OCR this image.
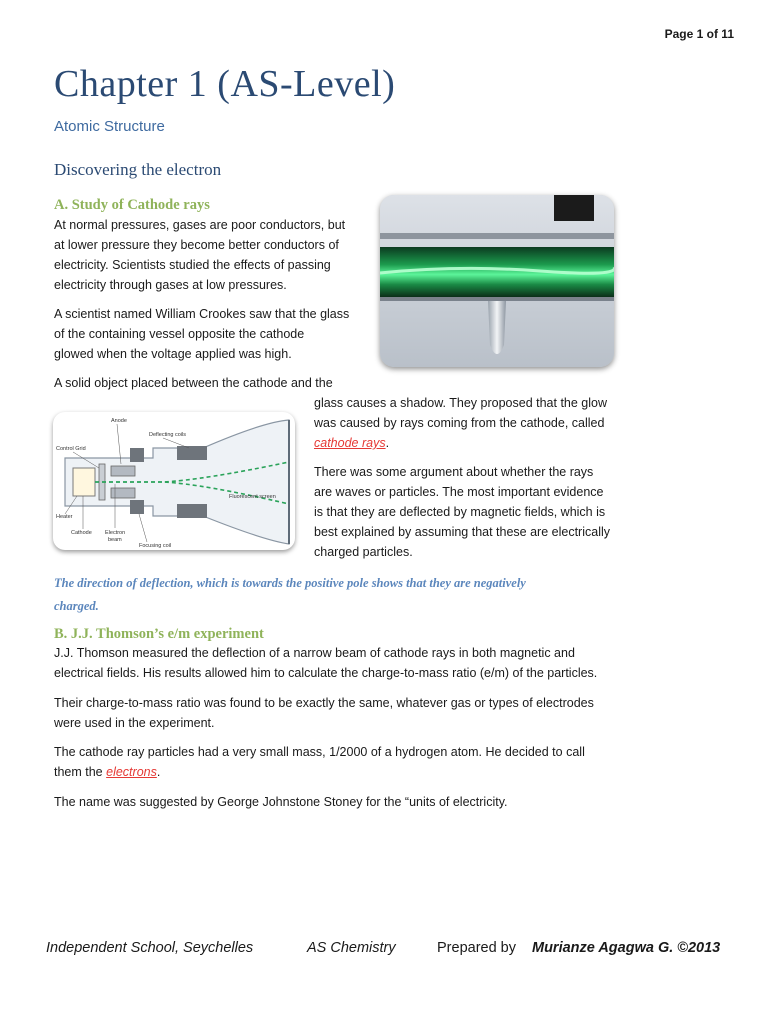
Page 1 of 11
Chapter 1 (AS-Level)
Atomic Structure
Discovering the electron
A. Study of Cathode rays

At normal pressures, gases are poor conductors, but

at lower pressure they become better conductors of

electricity. Scientists studied the effects of passing

electricity through gases at low pressures.

A scientist named William Crookes saw that the glass

of the containing vessel opposite the cathode

glowed when the voltage applied was high.

A solid object placed between the cathode and the
Anode
Control Grid
Deflecting coils
Fluorescent screen
Heater
Cathode Electron
beam
Focusing coil

glass causes a shadow. They proposed that the glow

was caused by rays coming from the cathode, called

cathode rays.

There was some argument about whether the rays

are waves or particles. The most important evidence

is that they are deflected by magnetic fields, which is

best explained by assuming that these are electrically

charged particles.

The direction of deflection, which is towards the positive pole shows that they are negatively
charged.
B. J.J. Thomson’s e/m experiment

J.J. Thomson measured the deflection of a narrow beam of cathode rays in both magnetic and

electrical fields. His results allowed him to calculate the charge-to-mass ratio (e/m) of the particles.

Their charge-to-mass ratio was found to be exactly the same, whatever gas or types of electrodes

were used in the experiment.

The cathode ray particles had a very small mass, 1/2000 of a hydrogen atom. He decided to call

them the electrons.

The name was suggested by George Johnstone Stoney for the “units of electricity.
Independent School, Seychelles	AS Chemistry	Prepared by Murianze Agagwa G. ©2013
